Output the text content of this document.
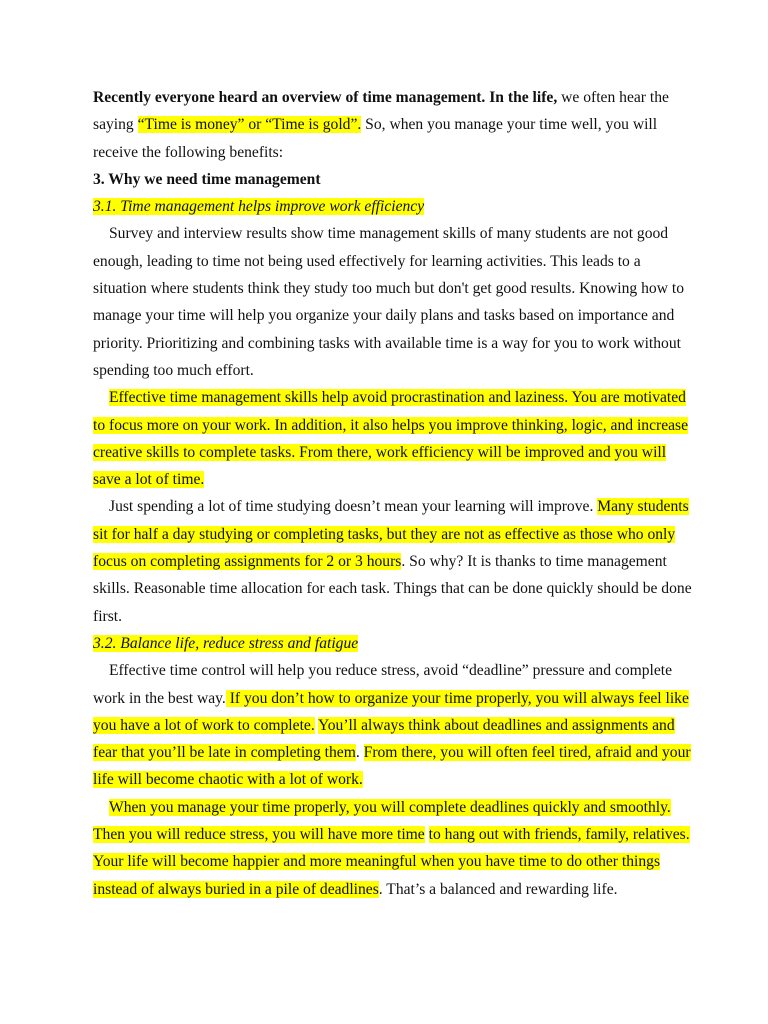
Recently everyone heard an overview of time management. In the life, we often hear the saying “Time is money” or “Time is gold”. So, when you manage your time well, you will receive the following benefits:

3. Why we need time management

3.1. Time management helps improve work efficiency

Survey and interview results show time management skills of many students are not good enough, leading to time not being used effectively for learning activities. This leads to a situation where students think they study too much but don't get good results. Knowing how to manage your time will help you organize your daily plans and tasks based on importance and priority. Prioritizing and combining tasks with available time is a way for you to work without spending too much effort.

Effective time management skills help avoid procrastination and laziness. You are motivated to focus more on your work. In addition, it also helps you improve thinking, logic, and increase creative skills to complete tasks. From there, work efficiency will be improved and you will save a lot of time.

Just spending a lot of time studying doesn’t mean your learning will improve. Many students sit for half a day studying or completing tasks, but they are not as effective as those who only focus on completing assignments for 2 or 3 hours. So why? It is thanks to time management skills. Reasonable time allocation for each task. Things that can be done quickly should be done first.

3.2. Balance life, reduce stress and fatigue

Effective time control will help you reduce stress, avoid “deadline” pressure and complete work in the best way. If you don’t how to organize your time properly, you will always feel like you have a lot of work to complete. You’ll always think about deadlines and assignments and fear that you’ll be late in completing them. From there, you will often feel tired, afraid and your life will become chaotic with a lot of work.

When you manage your time properly, you will complete deadlines quickly and smoothly. Then you will reduce stress, you will have more time to hang out with friends, family, relatives. Your life will become happier and more meaningful when you have time to do other things instead of always buried in a pile of deadlines. That’s a balanced and rewarding life.
